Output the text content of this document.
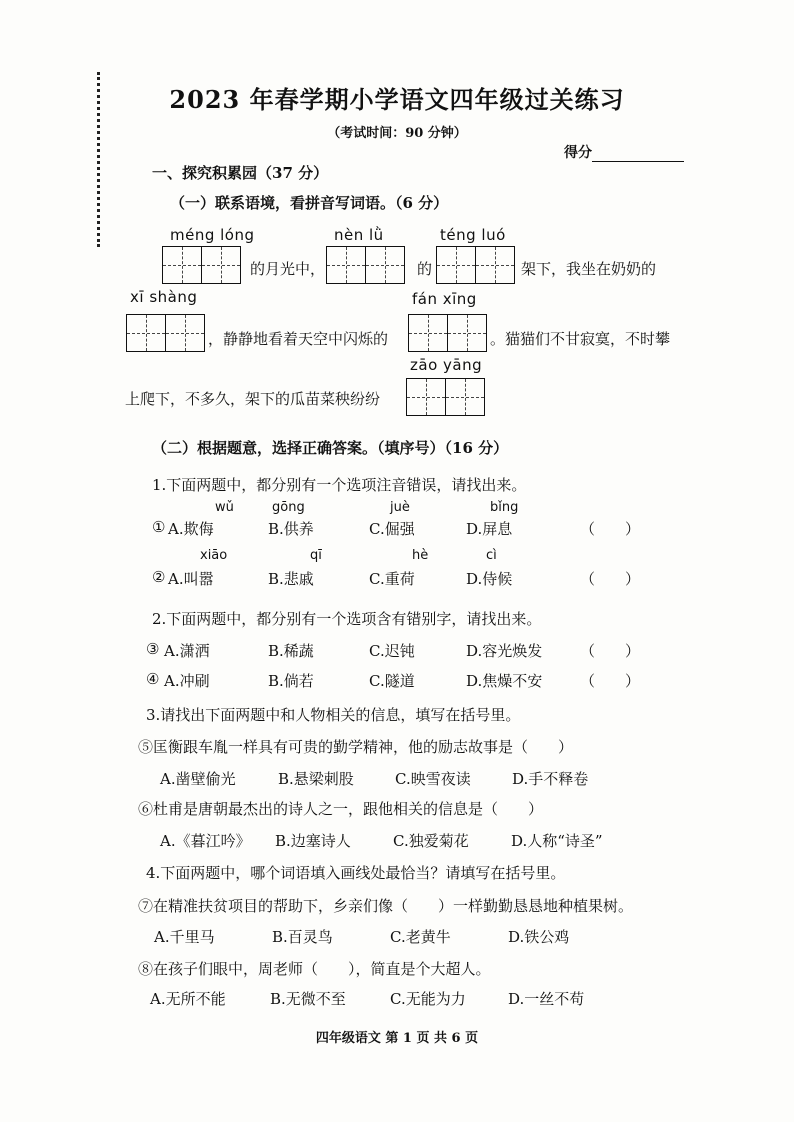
2023 年春学期小学语文四年级过关练习
（考试时间：90 分钟）
得分
一、探究积累园（37 分）
（一）联系语境，看拼音写词语。（6 分）
méng lóng
的月光中，
nèn lǜ
的
téng luó
架下，我坐在奶奶的
xī shàng
，静静地看着天空中闪烁的
fán xīng
。猫猫们不甘寂寞，不时攀
zāo yāng
上爬下，不多久，架下的瓜苗菜秧纷纷
（二）根据题意，选择正确答案。（填序号）（16 分）
1.下面两题中，都分别有一个选项注音错误，请找出来。
wǔ	gōng	juè	bǐng
① A.欺侮	B.供养	C.倔强	D.屏息	（　　）
xiāo	qī	hè	cì
② A.叫嚣	B.悲戚	C.重荷	D.侍候	（　　）
2.下面两题中，都分别有一个选项含有错别字，请找出来。
③ A.潇洒	B.稀蔬	C.迟钝	D.容光焕发	（　　）
④ A.冲刷	B.倘若	C.隧道	D.焦燥不安	（　　）
3.请找出下面两题中和人物相关的信息，填写在括号里。
⑤匡衡跟车胤一样具有可贵的勤学精神，他的励志故事是（　　）
A.凿壁偷光	B.悬梁刺股	C.映雪夜读	D.手不释卷
⑥杜甫是唐朝最杰出的诗人之一，跟他相关的信息是（　　）
A.《暮江吟》 B.边塞诗人	C.独爱菊花	D.人称“诗圣”
4.下面两题中，哪个词语填入画线处最恰当？请填写在括号里。
⑦在精准扶贫项目的帮助下，乡亲们像（　　）一样勤勤恳恳地种植果树。
A.千里马	B.百灵鸟	C.老黄牛	D.铁公鸡
⑧在孩子们眼中，周老师（　　），简直是个大超人。
A.无所不能	B.无微不至	C.无能为力	D.一丝不苟
四年级语文 第 1 页 共 6 页
